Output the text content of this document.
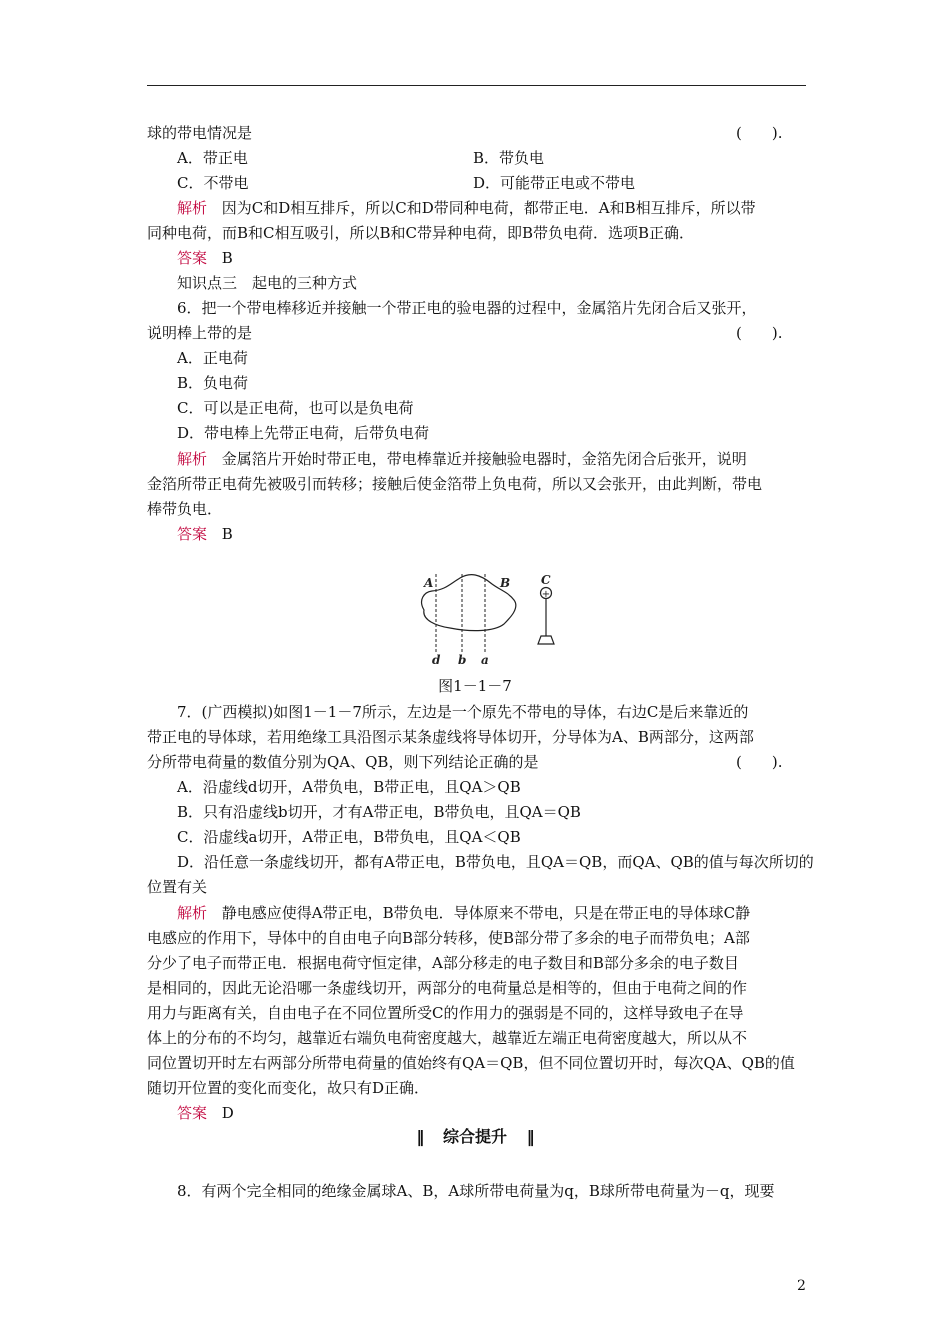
球的带电情况是	(　　).
A．带正电	B．带负电
C．不带电	D．可能带正电或不带电
解析 因为C和D相互排斥，所以C和D带同种电荷，都带正电．A和B相互排斥，所以带
同种电荷，而B和C相互吸引，所以B和C带异种电荷，即B带负电荷．选项B正确．
答案 B
知识点三　起电的三种方式
6．把一个带电棒移近并接触一个带正电的验电器的过程中，金属箔片先闭合后又张开，
说明棒上带的是	(　　).
A．正电荷
B．负电荷
C．可以是正电荷，也可以是负电荷
D．带电棒上先带正电荷，后带负电荷
解析 金属箔片开始时带正电，带电棒靠近并接触验电器时，金箔先闭合后张开，说明
金箔所带正电荷先被吸引而转移；接触后使金箔带上负电荷，所以又会张开，由此判断，带电
棒带负电．
答案 B
+
A	B	C
d b a
图1－1－7
7．(广西模拟)如图1－1－7所示，左边是一个原先不带电的导体，右边C是后来靠近的
带正电的导体球，若用绝缘工具沿图示某条虚线将导体切开，分导体为A、B两部分，这两部
分所带电荷量的数值分别为QA、QB，则下列结论正确的是	(　　).
A．沿虚线d切开，A带负电，B带正电，且QA＞QB
B．只有沿虚线b切开，才有A带正电，B带负电，且QA＝QB
C．沿虚线a切开，A带正电，B带负电，且QA＜QB
D．沿任意一条虚线切开，都有A带正电，B带负电，且QA＝QB，而QA、QB的值与每次所切的
位置有关
解析 静电感应使得A带正电，B带负电．导体原来不带电，只是在带正电的导体球C静
电感应的作用下，导体中的自由电子向B部分转移，使B部分带了多余的电子而带负电；A部
分少了电子而带正电．根据电荷守恒定律，A部分移走的电子数目和B部分多余的电子数目
是相同的，因此无论沿哪一条虚线切开，两部分的电荷量总是相等的，但由于电荷之间的作
用力与距离有关，自由电子在不同位置所受C的作用力的强弱是不同的，这样导致电子在导
体上的分布的不均匀，越靠近右端负电荷密度越大，越靠近左端正电荷密度越大，所以从不
同位置切开时左右两部分所带电荷量的值始终有QA＝QB，但不同位置切开时，每次QA、QB的值
随切开位置的变化而变化，故只有D正确．
答案 D
‖ 综合提升 ‖
8．有两个完全相同的绝缘金属球A、B，A球所带电荷量为q，B球所带电荷量为－q，现要
2
